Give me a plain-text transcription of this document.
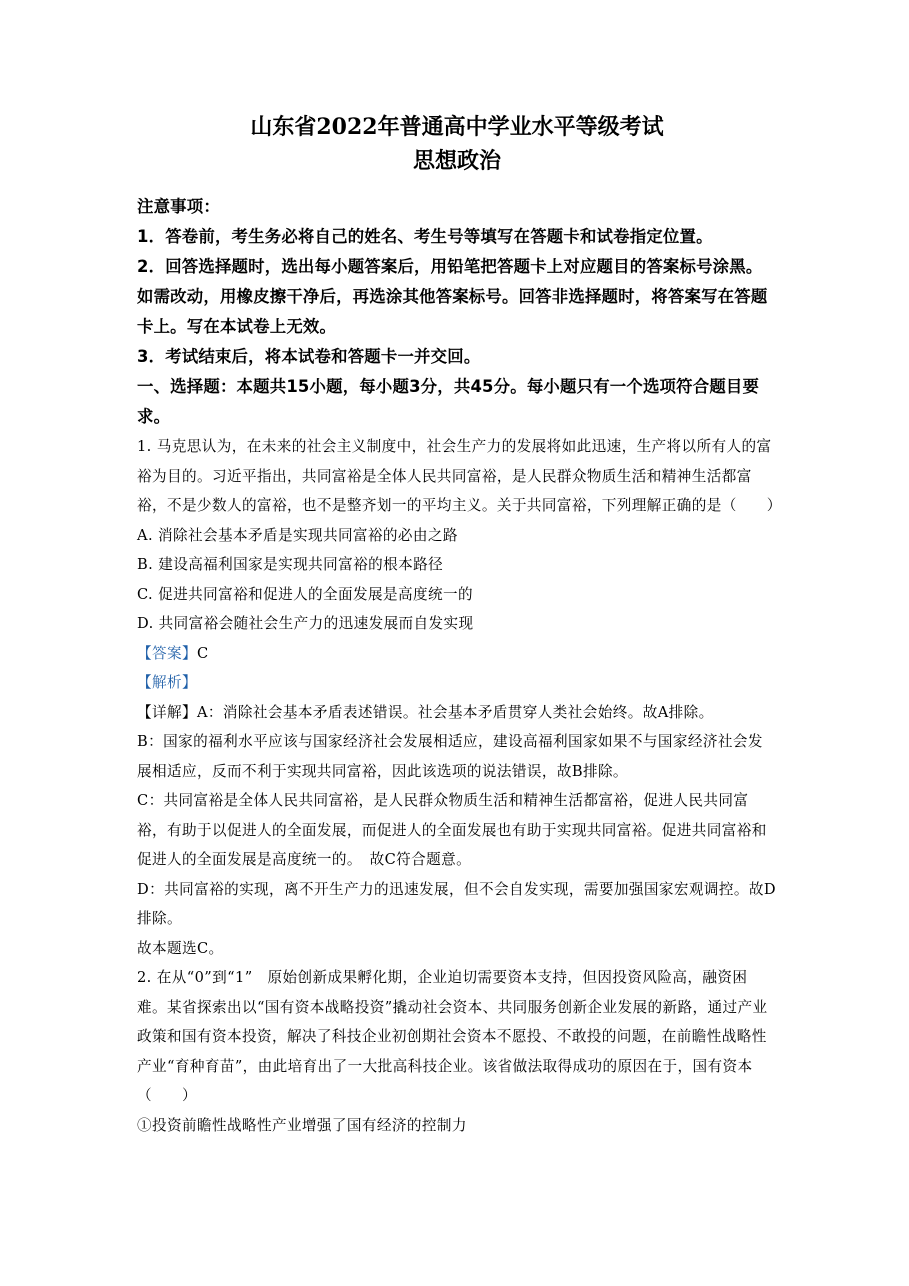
山东省2022年普通高中学业水平等级考试

思想政治

注意事项：

1．答卷前，考生务必将自己的姓名、考生号等填写在答题卡和试卷指定位置。

2．回答选择题时，选出每小题答案后，用铅笔把答题卡上对应题目的答案标号涂黑。如需改动，用橡皮擦干净后，再选涂其他答案标号。回答非选择题时，将答案写在答题卡上。写在本试卷上无效。

3．考试结束后，将本试卷和答题卡一并交回。

一、选择题：本题共15小题，每小题3分，共45分。每小题只有一个选项符合题目要求。

1. 马克思认为，在未来的社会主义制度中，社会生产力的发展将如此迅速，生产将以所有人的富裕为目的。习近平指出，共同富裕是全体人民共同富裕，是人民群众物质生活和精神生活都富裕，不是少数人的富裕，也不是整齐划一的平均主义。关于共同富裕，下列理解正确的是（　　）

A. 消除社会基本矛盾是实现共同富裕的必由之路

B. 建设高福利国家是实现共同富裕的根本路径

C. 促进共同富裕和促进人的全面发展是高度统一的

D. 共同富裕会随社会生产力的迅速发展而自发实现

【答案】C

【解析】

【详解】A：消除社会基本矛盾表述错误。社会基本矛盾贯穿人类社会始终。故A排除。

B：国家的福利水平应该与国家经济社会发展相适应，建设高福利国家如果不与国家经济社会发展相适应，反而不利于实现共同富裕，因此该选项的说法错误，故B排除。

C：共同富裕是全体人民共同富裕，是人民群众物质生活和精神生活都富裕，促进人民共同富裕，有助于以促进人的全面发展，而促进人的全面发展也有助于实现共同富裕。促进共同富裕和促进人的全面发展是高度统一的。　故C符合题意。

D：共同富裕的实现，离不开生产力的迅速发展，但不会自发实现，需要加强国家宏观调控。故D排除。

故本题选C。

2. 在从“0”到“1”　原始创新成果孵化期，企业迫切需要资本支持，但因投资风险高，融资困难。某省探索出以“国有资本战略投资”撬动社会资本、共同服务创新企业发展的新路，通过产业政策和国有资本投资，解决了科技企业初创期社会资本不愿投、不敢投的问题，在前瞻性战略性产业“育种育苗”，由此培育出了一大批高科技企业。该省做法取得成功的原因在于，国有资本（　　）

①投资前瞻性战略性产业增强了国有经济的控制力
